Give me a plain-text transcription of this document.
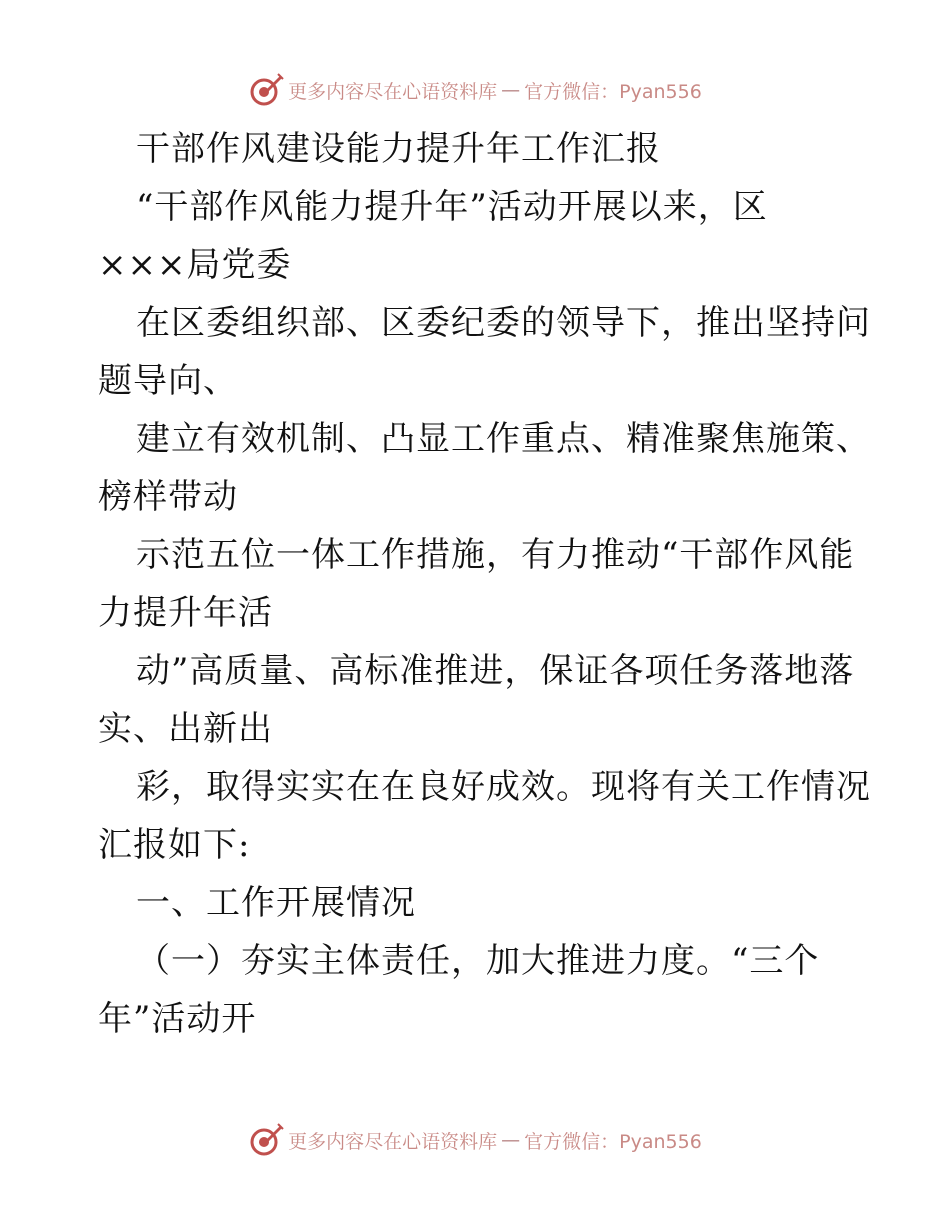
更多内容尽在心语资料库 — 官方微信：Pyan556
干部作风建设能力提升年工作汇报
“干部作风能力提升年”活动开展以来，区
×××局党委
在区委组织部、区委纪委的领导下，推出坚持问
题导向、
建立有效机制、凸显工作重点、精准聚焦施策、
榜样带动
示范五位一体工作措施，有力推动“干部作风能
力提升年活
动”高质量、高标准推进，保证各项任务落地落
实、出新出
彩，取得实实在在良好成效。现将有关工作情况
汇报如下:
一、工作开展情况
（一）夯实主体责任，加大推进力度。“三个
年”活动开
更多内容尽在心语资料库 — 官方微信：Pyan556
